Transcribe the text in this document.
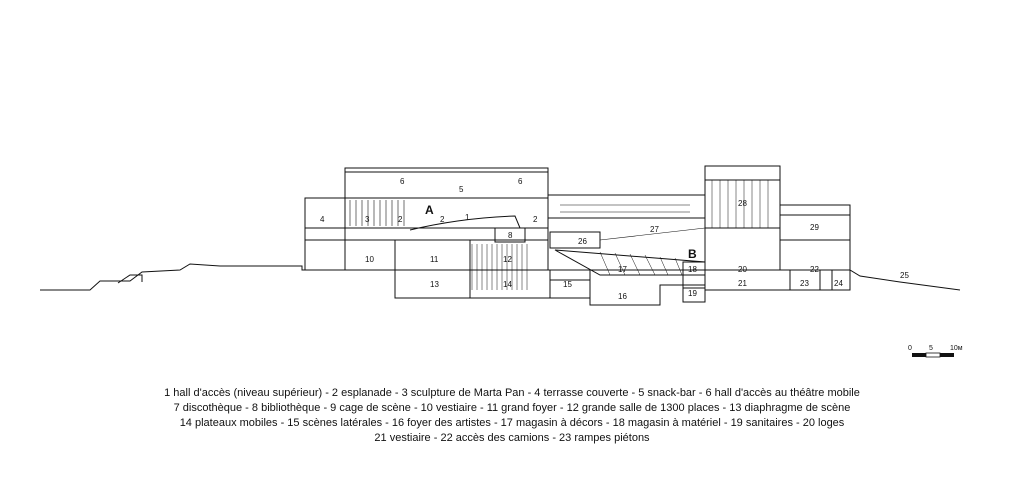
1
2	2	2
3
4
5
6	6
10	11
8
12
13	14	15
16
17	18
19
20
21
22
23	24
25
26
27
28
29
A
B
0 5 10м
1 hall d'accès (niveau supérieur) - 2 esplanade - 3 sculpture de Marta Pan - 4 terrasse couverte - 5 snack-bar - 6 hall d'accès au théâtre mobile
7 discothèque - 8 bibliothèque - 9 cage de scène - 10 vestiaire - 11 grand foyer - 12 grande salle de 1300 places - 13 diaphragme de scène
14 plateaux mobiles - 15 scènes latérales - 16 foyer des artistes - 17 magasin à décors - 18 magasin à matériel - 19 sanitaires - 20 loges
21 vestiaire - 22 accès des camions - 23 rampes piétons
